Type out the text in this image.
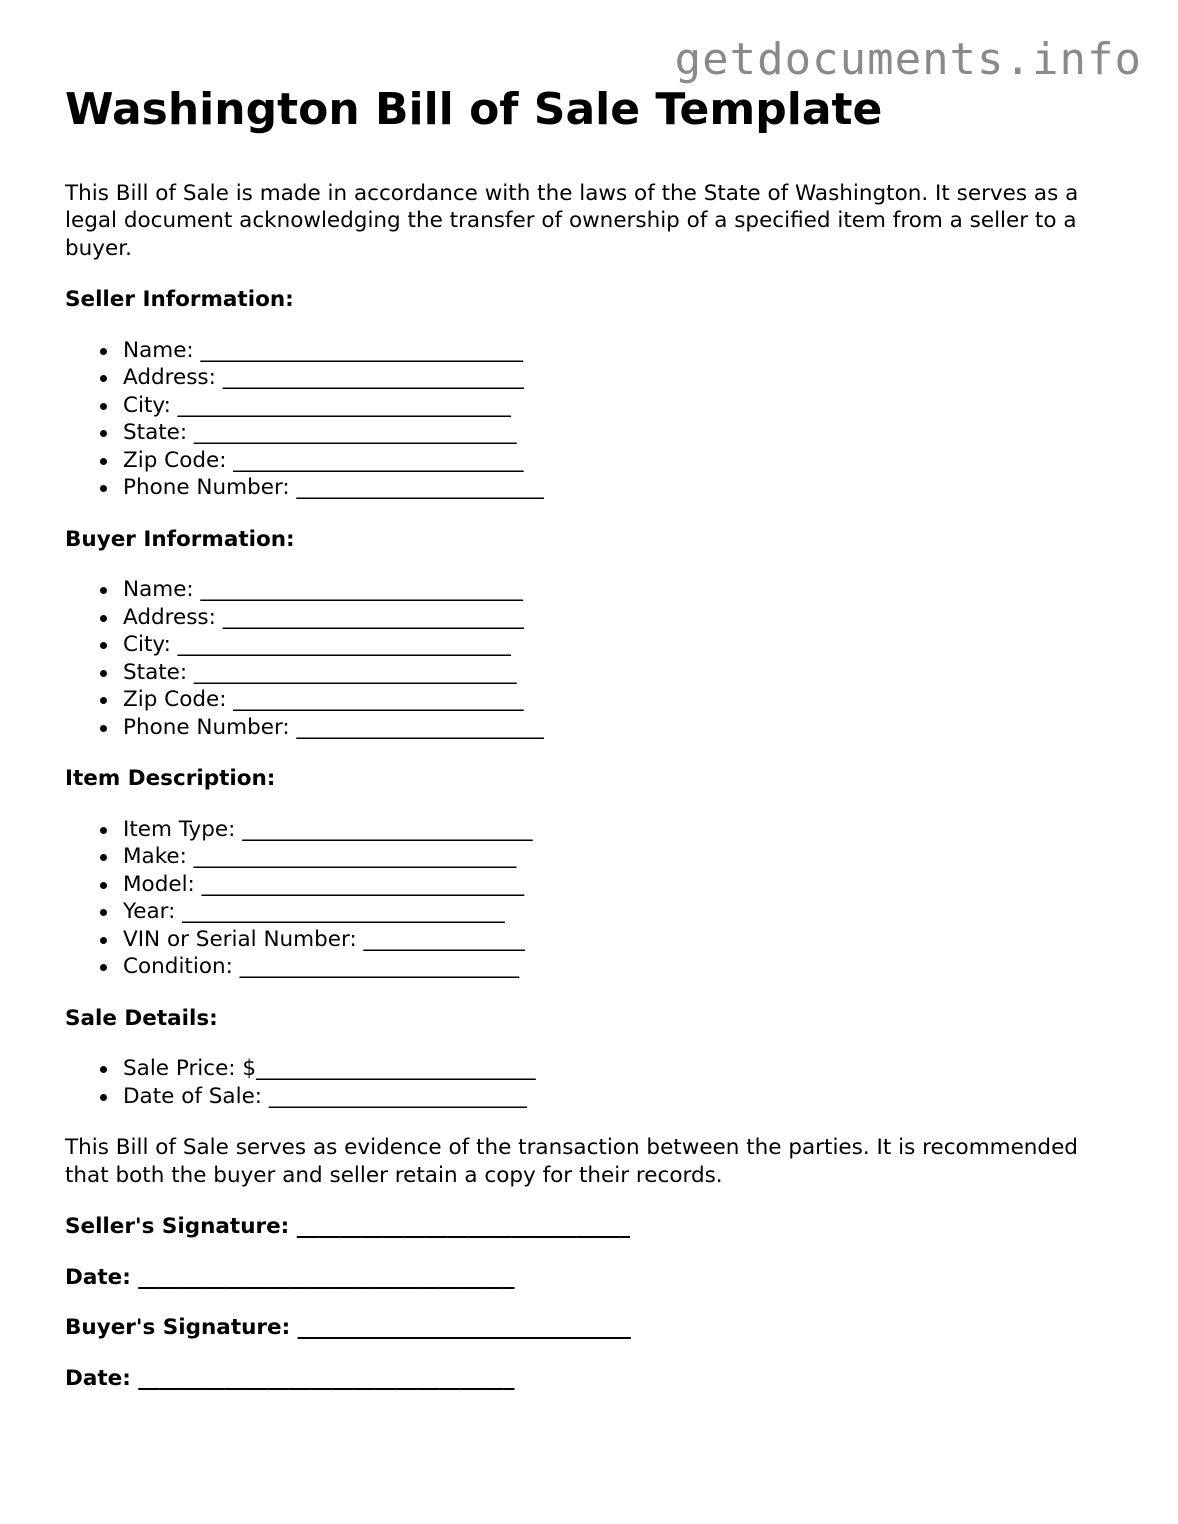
getdocuments.info
Washington Bill of Sale Template

This Bill of Sale is made in accordance with the laws of the State of Washington. It serves as a legal document acknowledging the transfer of ownership of a specified item from a seller to a buyer.

Seller Information:
Name: ______________________________
Address: ____________________________
City: _______________________________
State: ______________________________
Zip Code: ___________________________
Phone Number: _______________________
Buyer Information:
Name: ______________________________
Address: ____________________________
City: _______________________________
State: ______________________________
Zip Code: ___________________________
Phone Number: _______________________
Item Description:
Item Type: ___________________________
Make: ______________________________
Model: ______________________________
Year: ______________________________
VIN or Serial Number: _______________
Condition: __________________________
Sale Details:
Sale Price: $__________________________
Date of Sale: ________________________

This Bill of Sale serves as evidence of the transaction between the parties. It is recommended that both the buyer and seller retain a copy for their records.

Seller's Signature: _______________________________
Date: ___________________________________
Buyer's Signature: _______________________________
Date: ___________________________________
